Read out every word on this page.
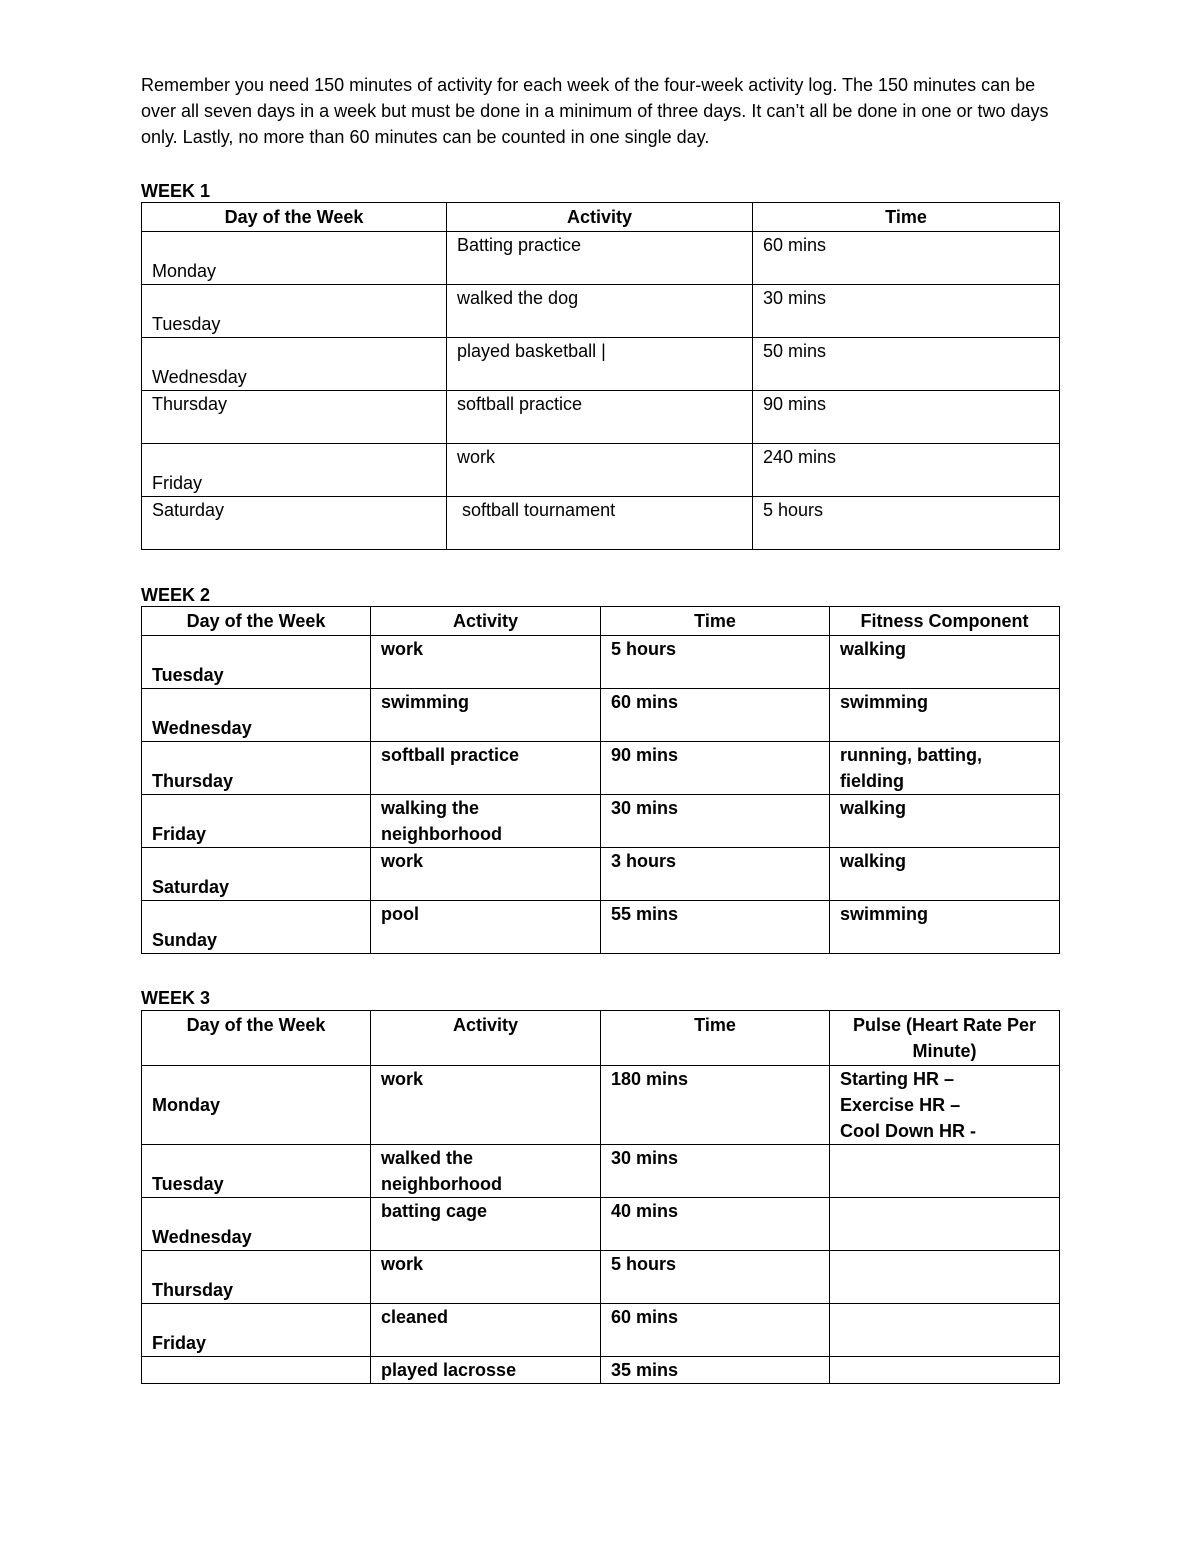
Remember you need 150 minutes of activity for each week of the four-week activity log. The 150 minutes can be over all seven days in a week but must be done in a minimum of three days. It can’t all be done in one or two days only. Lastly, no more than 60 minutes can be counted in one single day.

WEEK 1

Day of the Week	Activity	Time
Monday	Batting practice	60 mins
Tuesday	walked the dog	30 mins
Wednesday	played basketball |	50 mins
Thursday	softball practice	90 mins
Friday	work	240 mins
Saturday	softball tournament	5 hours

WEEK 2

Day of the Week	Activity	Time	Fitness Component
Tuesday	work	5 hours	walking
Wednesday	swimming	60 mins	swimming
Thursday	softball practice	90 mins	running, batting, fielding
Friday	walking the neighborhood	30 mins	walking
Saturday	work	3 hours	walking
Sunday	pool	55 mins	swimming

WEEK 3

Day of the Week	Activity	Time	Pulse (Heart Rate Per Minute)
Monday	work	180 mins	Starting HR –
Exercise HR –
Cool Down HR -

Tuesday	walked the neighborhood	30 mins	
Wednesday	batting cage	40 mins	
Thursday	work	5 hours	
Friday	cleaned	60 mins	
	played lacrosse	35 mins	
